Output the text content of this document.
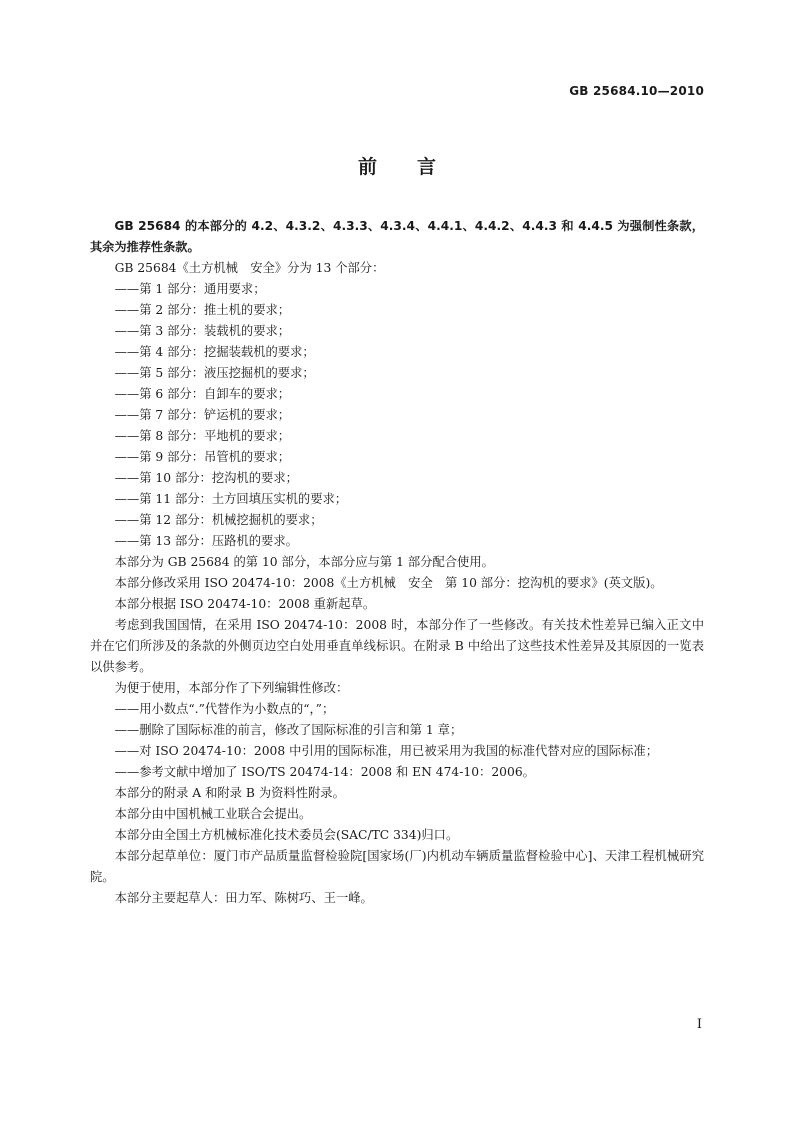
GB 25684.10—2010
前言

GB 25684 的本部分的 4.2、4.3.2、4.3.3、4.3.4、4.4.1、4.4.2、4.4.3 和 4.4.5 为强制性条款，其余为推荐性条款。

GB 25684《土方机械　安全》分为 13 个部分：

——第 1 部分：通用要求；
——第 2 部分：推土机的要求；
——第 3 部分：装载机的要求；
——第 4 部分：挖掘装载机的要求；
——第 5 部分：液压挖掘机的要求；
——第 6 部分：自卸车的要求；
——第 7 部分：铲运机的要求；
——第 8 部分：平地机的要求；
——第 9 部分：吊管机的要求；
——第 10 部分：挖沟机的要求；
——第 11 部分：土方回填压实机的要求；
——第 12 部分：机械挖掘机的要求；
——第 13 部分：压路机的要求。

本部分为 GB 25684 的第 10 部分，本部分应与第 1 部分配合使用。

本部分修改采用 ISO 20474-10：2008《土方机械　安全　第 10 部分：挖沟机的要求》(英文版)。

本部分根据 ISO 20474-10：2008 重新起草。

考虑到我国国情，在采用 ISO 20474-10：2008 时，本部分作了一些修改。有关技术性差异已编入正文中并在它们所涉及的条款的外侧页边空白处用垂直单线标识。在附录 B 中给出了这些技术性差异及其原因的一览表以供参考。

为便于使用，本部分作了下列编辑性修改：

——用小数点“.”代替作为小数点的“，”；
——删除了国际标准的前言，修改了国际标准的引言和第 1 章；
——对 ISO 20474-10：2008 中引用的国际标准，用已被采用为我国的标准代替对应的国际标准；
——参考文献中增加了 ISO/TS 20474-14：2008 和 EN 474-10：2006。

本部分的附录 A 和附录 B 为资料性附录。

本部分由中国机械工业联合会提出。

本部分由全国土方机械标准化技术委员会(SAC/TC 334)归口。

本部分起草单位：厦门市产品质量监督检验院[国家场(厂)内机动车辆质量监督检验中心]、天津工程机械研究院。

本部分主要起草人：田力军、陈树巧、王一峰。

I
